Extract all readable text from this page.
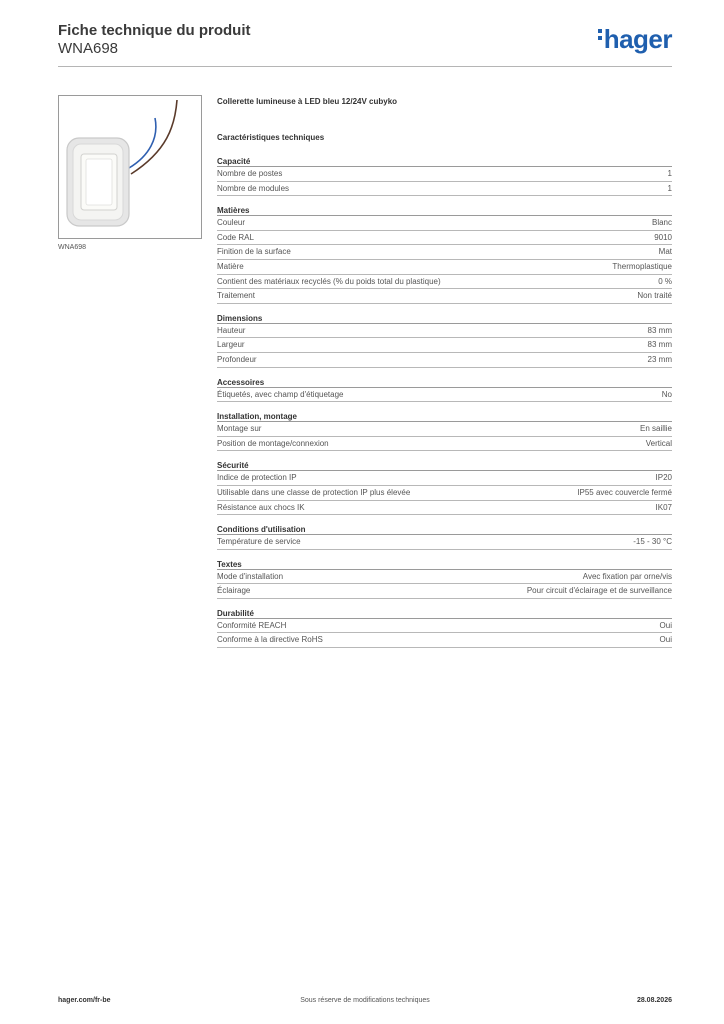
Fiche technique du produit
WNA698	hager
WNA698
Collerette lumineuse à LED bleu 12/24V cubyko
Caractéristiques techniques
Capacité
Nombre de postes	1
Nombre de modules	1
Matières
Couleur	Blanc
Code RAL	9010
Finition de la surface	Mat
Matière	Thermoplastique
Contient des matériaux recyclés (% du poids total du plastique)	0 %
Traitement	Non traité
Dimensions
Hauteur	83 mm
Largeur	83 mm
Profondeur	23 mm
Accessoires
Étiquetés, avec champ d'étiquetage	No
Installation, montage
Montage sur	En saillie
Position de montage/connexion	Vertical
Sécurité
Indice de protection IP	IP20
Utilisable dans une classe de protection IP plus élevée	IP55 avec couvercle fermé
Résistance aux chocs IK	IK07
Conditions d'utilisation
Température de service	-15 - 30 °C
Textes
Mode d'installation	Avec fixation par orne/vis
Éclairage	Pour circuit d'éclairage et de surveillance
Durabilité
Conformité REACH	Oui
Conforme à la directive RoHS	Oui
Sous réserve de modifications techniques
hager.com/fr-be	28.08.2026
